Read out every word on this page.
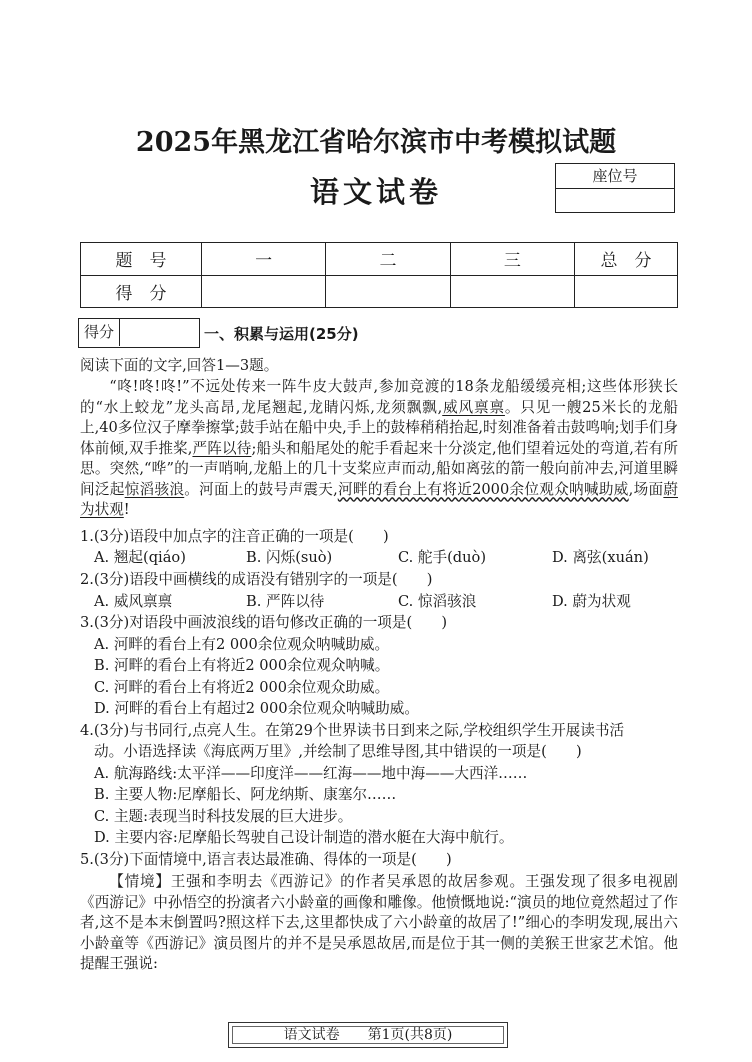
2025年黑龙江省哈尔滨市中考模拟试题
语文试卷	座位号
题　号	一	二	三	总　分
得　分				
得分	一、积累与运用(25分)
阅读下面的文字,回答1—3题。
“咚!咚!咚!”不远处传来一阵牛皮大鼓声,参加竞渡的18条龙船缓缓亮相;这些体形狭长的“水上蛟龙”龙头高昂,龙尾翘起,龙睛闪烁,龙须飘飘,威风禀禀。只见一艘25米长的龙船上,40多位汉子摩拳擦掌;鼓手站在船中央,手上的鼓棒稍稍抬起,时刻准备着击鼓鸣响;划手们身体前倾,双手推桨,严阵以待;船头和船尾处的舵手看起来十分淡定,他们望着远处的弯道,若有所思。突然,“哗”的一声哨响,龙船上的几十支桨应声而动,船如离弦的箭一般向前冲去,河道里瞬间泛起惊滔骇浪。河面上的鼓号声震天,河畔的看台上有将近2000余位观众呐喊助威,场面蔚为状观!
1.(3分)语段中加点字的注音正确的一项是(　　)
A. 翘起(qiáo)	B. 闪烁(suò)	C. 舵手(duò)	D. 离弦(xuán)
2.(3分)语段中画横线的成语没有错别字的一项是(　　)
A. 威风禀禀	B. 严阵以待	C. 惊滔骇浪	D. 蔚为状观
3.(3分)对语段中画波浪线的语句修改正确的一项是(　　)
A. 河畔的看台上有2 000余位观众呐喊助威。
B. 河畔的看台上有将近2 000余位观众呐喊。
C. 河畔的看台上有将近2 000余位观众助威。
D. 河畔的看台上有超过2 000余位观众呐喊助威。
4.(3分)与书同行,点亮人生。在第29个世界读书日到来之际,学校组织学生开展读书活
动。小语选择读《海底两万里》,并绘制了思维导图,其中错误的一项是(　　)
A. 航海路线:太平洋——印度洋——红海——地中海——大西洋……
B. 主要人物:尼摩船长、阿龙纳斯、康塞尔……
C. 主题:表现当时科技发展的巨大进步。
D. 主要内容:尼摩船长驾驶自己设计制造的潜水艇在大海中航行。
5.(3分)下面情境中,语言表达最准确、得体的一项是(　　)
【情境】王强和李明去《西游记》的作者吴承恩的故居参观。王强发现了很多电视剧《西游记》中孙悟空的扮演者六小龄童的画像和雕像。他愤慨地说:“演员的地位竟然超过了作者,这不是本末倒置吗?照这样下去,这里都快成了六小龄童的故居了!”细心的李明发现,展出六小龄童等《西游记》演员图片的并不是吴承恩故居,而是位于其一侧的美猴王世家艺术馆。他提醒王强说:
语文试卷　　 第1页(共8页)
